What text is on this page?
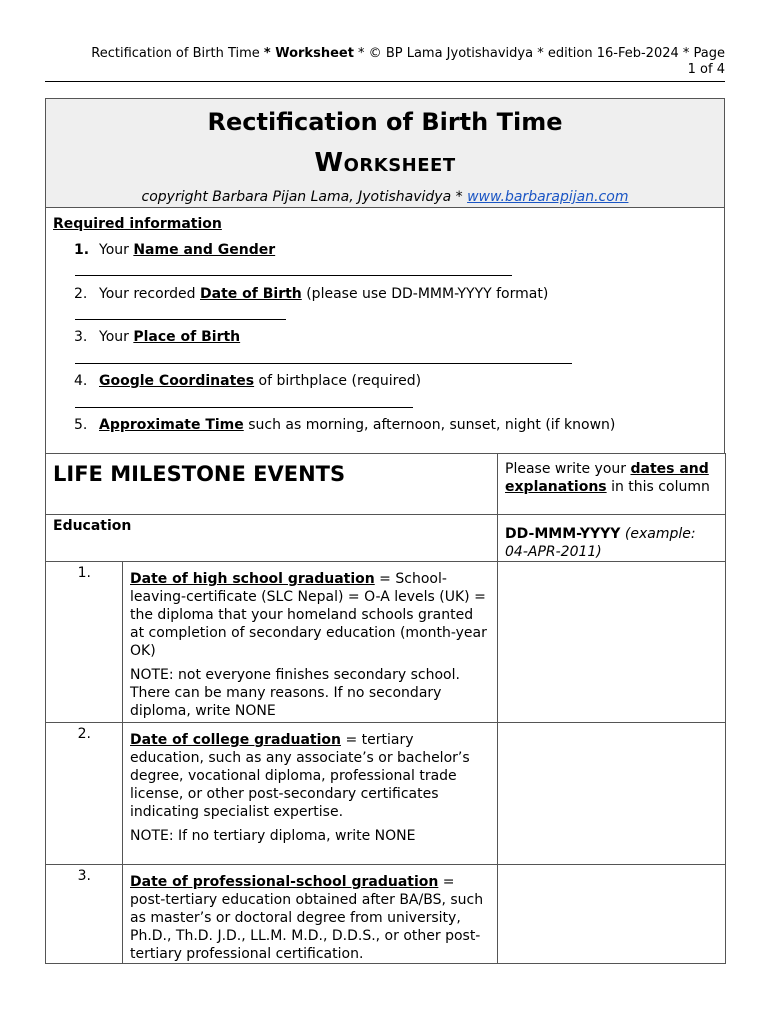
Rectification of Birth Time * Worksheet * © BP Lama Jyotishavidya * edition 16-Feb-2024 * Page
1 of 4
Rectification of Birth Time
Worksheet
copyright Barbara Pijan Lama, Jyotishavidya * www.barbarapijan.com
Required information
1. Your Name and Gender
2. Your recorded Date of Birth (please use DD-MMM-YYYY format)
3. Your Place of Birth
4. Google Coordinates of birthplace (required)
5. Approximate Time such as morning, afternoon, sunset, night (if known)
LIFE MILESTONE EVENTS		Please write your dates and explanations in this column
Education		DD-MMM-YYYY (example: 04-APR-2011)
1.	Date of high school graduation = School-leaving-certificate (SLC Nepal) = O-A levels (UK) = the diploma that your homeland schools granted at completion of secondary education (month-year OK)

NOTE: not everyone finishes secondary school. There can be many reasons. If no secondary diploma, write NONE	

2.	Date of college graduation = tertiary education, such as any associate’s or bachelor’s degree, vocational diploma, professional trade license, or other post-secondary certificates indicating specialist expertise.

NOTE: If no tertiary diploma, write NONE	

3.	Date of professional-school graduation = post-tertiary education obtained after BA/BS, such as master’s or doctoral degree from university, Ph.D., Th.D. J.D., LL.M. M.D., D.D.S., or other post-tertiary professional certification.	
